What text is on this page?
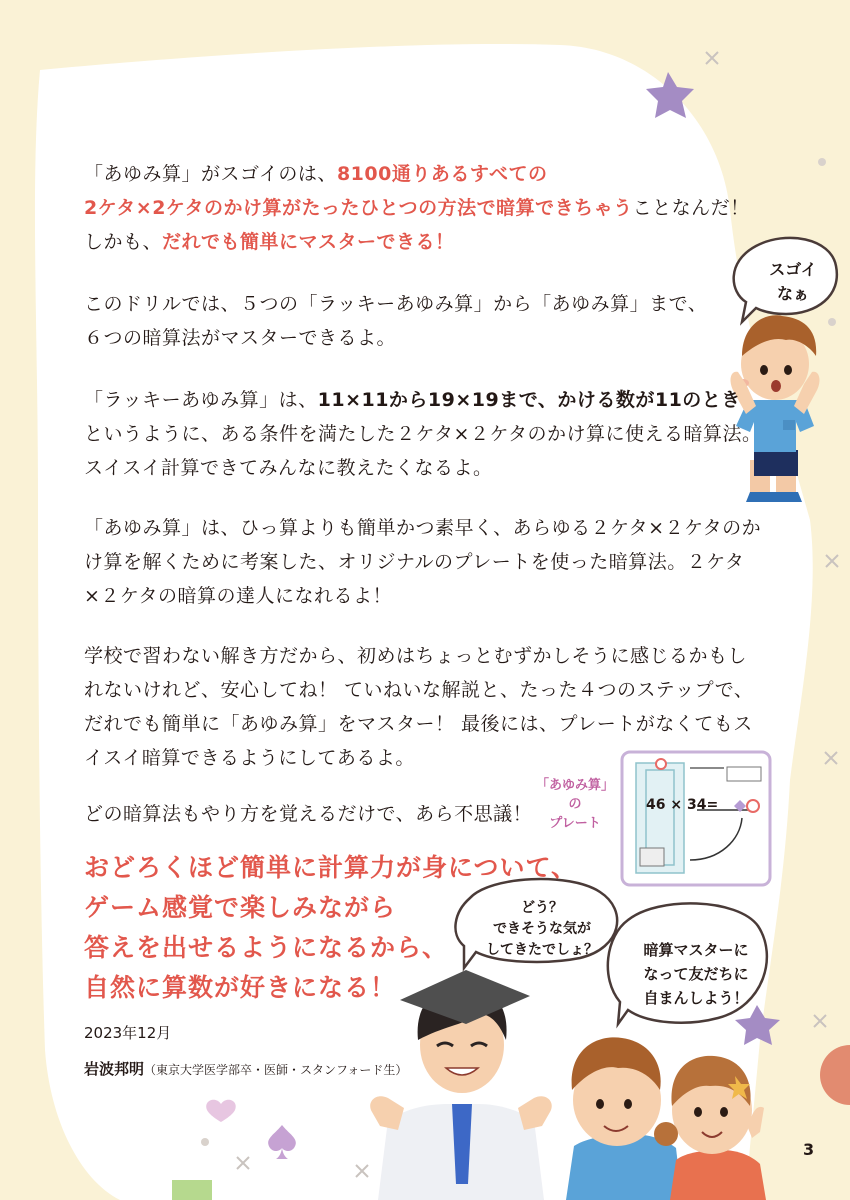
「あゆみ算」がスゴイのは、8100通りあるすべての
2ケタ×2ケタのかけ算がたったひとつの方法で暗算できちゃうことなんだ！
しかも、だれでも簡単にマスターできる！
このドリルでは、５つの「ラッキーあゆみ算」から「あゆみ算」まで、
６つの暗算法がマスターできるよ。
「ラッキーあゆみ算」は、11×11から19×19まで、かける数が11のとき
というように、ある条件を満たした２ケタ×２ケタのかけ算に使える暗算法。
スイスイ計算できてみんなに教えたくなるよ。
「あゆみ算」は、ひっ算よりも簡単かつ素早く、あらゆる２ケタ×２ケタのか
け算を解くために考案した、オリジナルのプレートを使った暗算法。２ケタ
×２ケタの暗算の達人になれるよ！
学校で習わない解き方だから、初めはちょっとむずかしそうに感じるかもし
れないけれど、安心してね！ ていねいな解説と、たった４つのステップで、
だれでも簡単に「あゆみ算」をマスター！ 最後には、プレートがなくてもス
イスイ暗算できるようにしてあるよ。
どの暗算法もやり方を覚えるだけで、あら不思議！
おどろくほど簡単に計算力が身について、
ゲーム感覚で楽しみながら
答えを出せるようになるから、
自然に算数が好きになる！
2023年12月
岩波邦明（東京大学医学部卒・医師・スタンフォード生）
スゴイ
なぁ
どう？
できそうな気が
してきたでしょ？	暗算マスターに
なって友だちに
自まんしよう！
「あゆみ算」
の
プレート
46 × 34=
3
